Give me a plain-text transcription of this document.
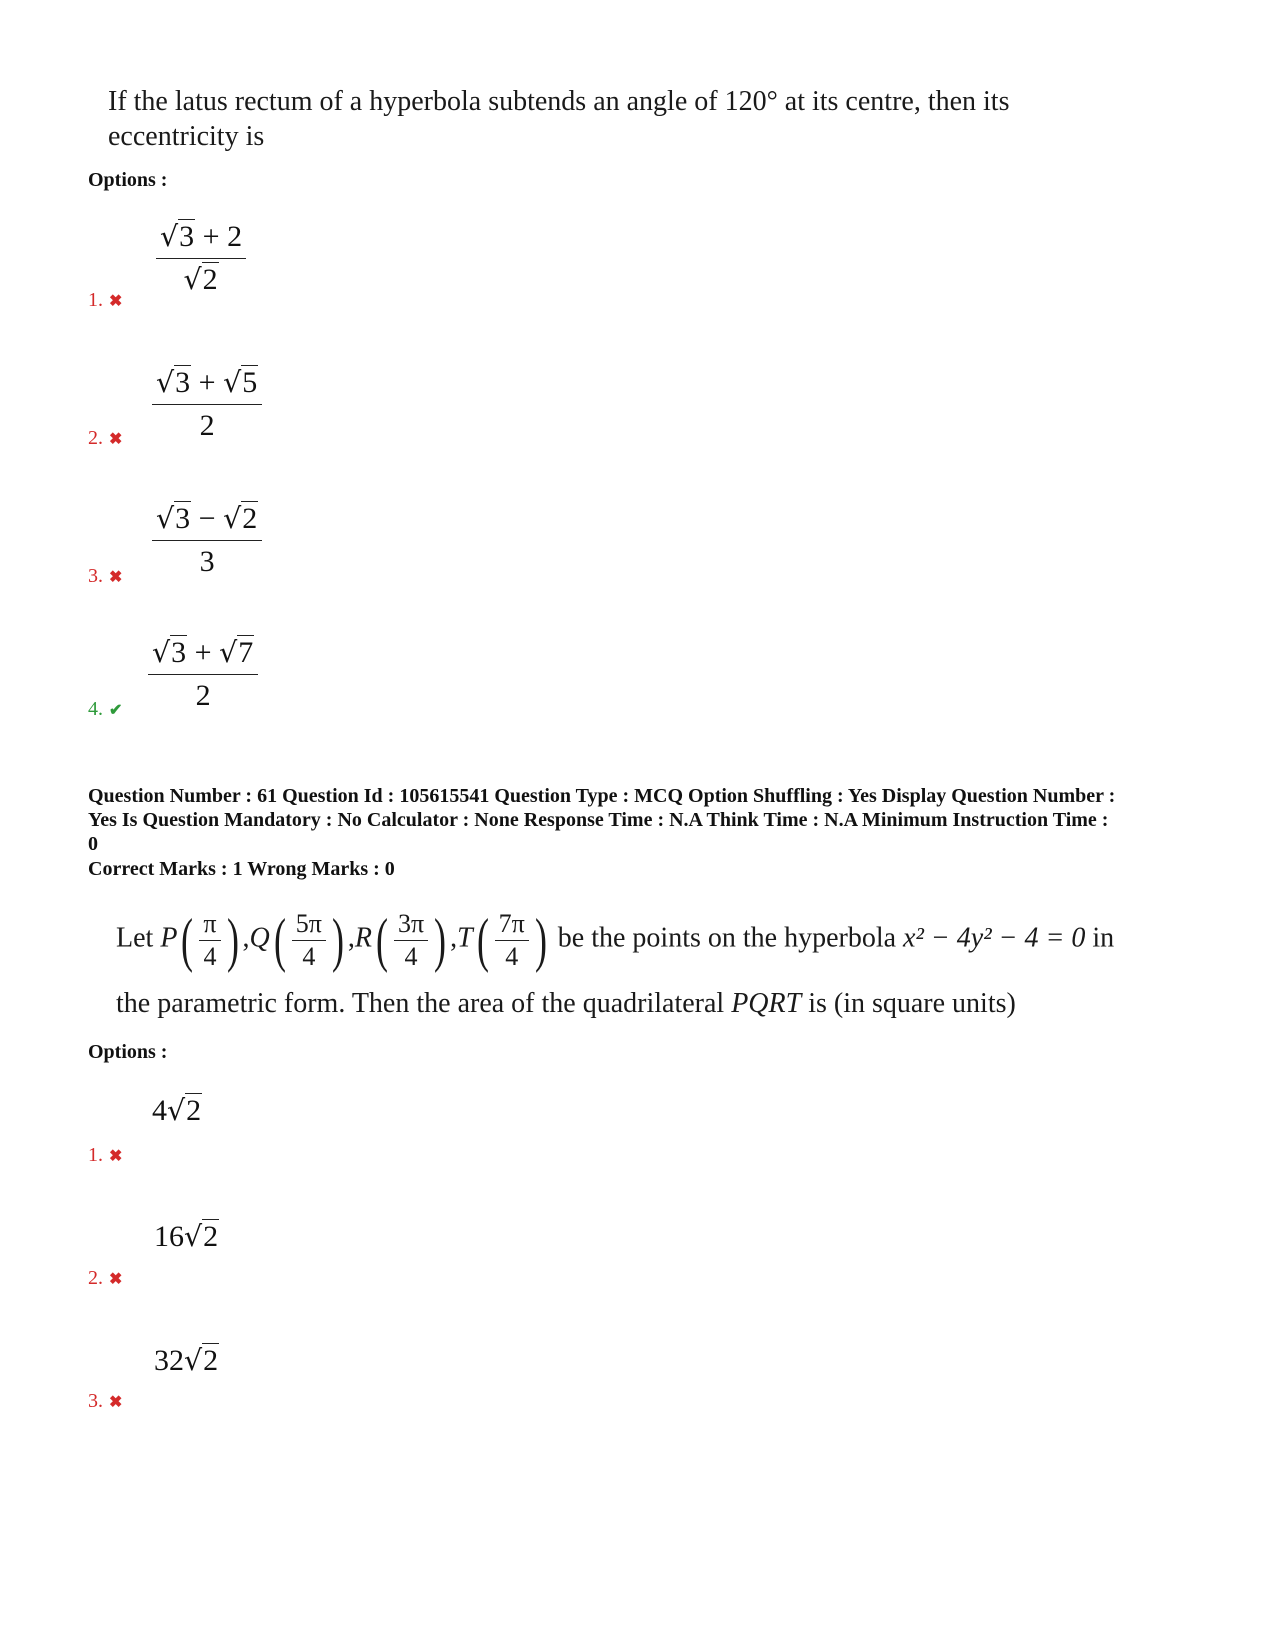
If the latus rectum of a hyperbola subtends an angle of 120° at its centre, then its
eccentricity is
Options :
$\frac{√3 + 2}{√2}$
1. ✖
$\frac{√3 + √5}{2}$
2. ✖
$\frac{√3 - √2}{3}$
3. ✖
$\frac{√3 + √7}{2}$
4. ✔
Question Number : 61 Question Id : 105615541 Question Type : MCQ Option Shuffling : Yes Display Question Number :
Yes Is Question Mandatory : No Calculator : None Response Time : N.A Think Time : N.A Minimum Instruction Time :
0
Correct Marks : 1 Wrong Marks : 0
Let $P( \frac{\pi}{4}$ ) $,Q( \frac{5\pi}{4}$ ) $,R( \frac{3\pi}{4}$ ) $,T( \frac{7\pi}{4}$ ) be the points on the hyperbola x² − 4y² − 4 = 0 in
the parametric form. Then the area of the quadrilateral PQRT is (in square units)
Options :
4√2
1. ✖
16√2
2. ✖
32√2
3. ✖
